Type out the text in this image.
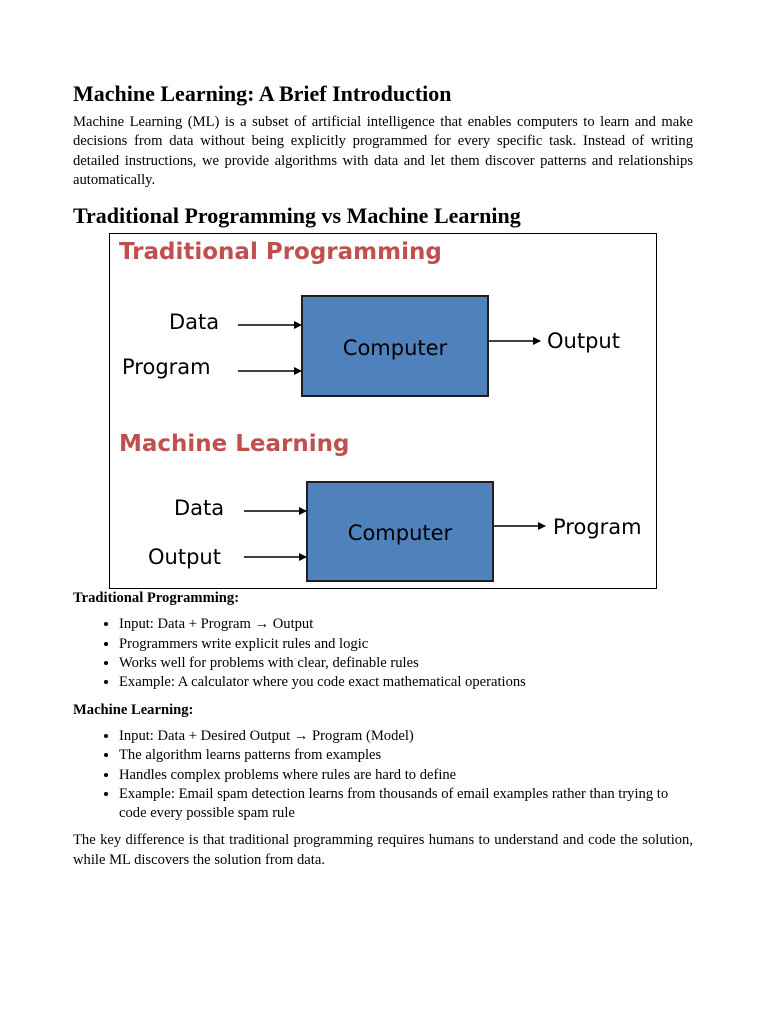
Machine Learning: A Brief Introduction

Machine Learning (ML) is a subset of artificial intelligence that enables computers to learn and make decisions from data without being explicitly programmed for every specific task. Instead of writing detailed instructions, we provide algorithms with data and let them discover patterns and relationships automatically.

Traditional Programming vs Machine Learning
Traditional Programming
Data
Program
Computer	Output
Machine Learning
Data
Output
Computer	Program

Traditional Programming:

• Input: Data + Program → Output
• Programmers write explicit rules and logic
• Works well for problems with clear, definable rules
• Example: A calculator where you code exact mathematical operations

Machine Learning:

• Input: Data + Desired Output → Program (Model)
• The algorithm learns patterns from examples
• Handles complex problems where rules are hard to define
• Example: Email spam detection learns from thousands of email examples rather than trying to code every possible spam rule

The key difference is that traditional programming requires humans to understand and code the solution, while ML discovers the solution from data.
